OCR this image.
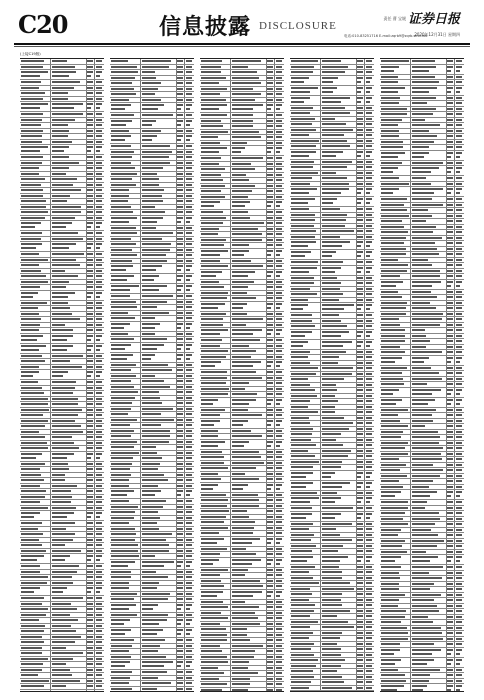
C20	信息披露 DISCLOSURE
责任 曹 宝媛 证券日报
电话:010-83251716 E-mail:zqrb9@zqrb.sina.net
2020年12月31日 星期四
(上接C19版)
